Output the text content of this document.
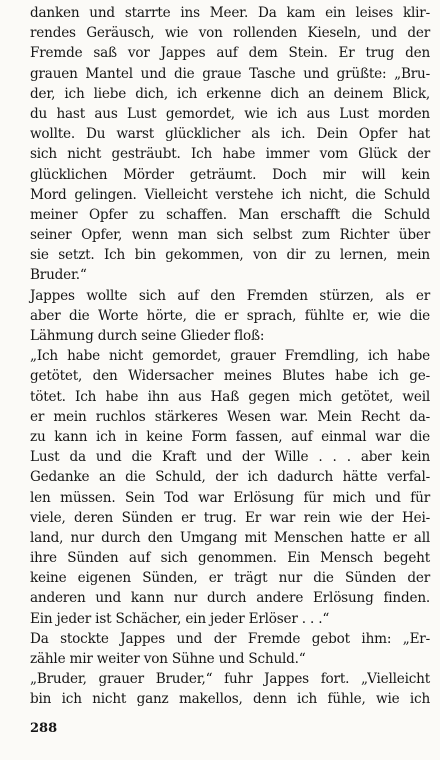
danken und starrte ins Meer. Da kam ein leises klir-
rendes Geräusch, wie von rollenden Kieseln, und der
Fremde saß vor Jappes auf dem Stein. Er trug den
grauen Mantel und die graue Tasche und grüßte: „Bru-
der, ich liebe dich, ich erkenne dich an deinem Blick,
du hast aus Lust gemordet, wie ich aus Lust morden
wollte. Du warst glücklicher als ich. Dein Opfer hat
sich nicht gesträubt. Ich habe immer vom Glück der
glücklichen Mörder geträumt. Doch mir will kein
Mord gelingen. Vielleicht verstehe ich nicht, die Schuld
meiner Opfer zu schaffen. Man erschafft die Schuld
seiner Opfer, wenn man sich selbst zum Richter über
sie setzt. Ich bin gekommen, von dir zu lernen, mein
Bruder.“
Jappes wollte sich auf den Fremden stürzen, als er
aber die Worte hörte, die er sprach, fühlte er, wie die
Lähmung durch seine Glieder floß:
„Ich habe nicht gemordet, grauer Fremdling, ich habe
getötet, den Widersacher meines Blutes habe ich ge-
tötet. Ich habe ihn aus Haß gegen mich getötet, weil
er mein ruchlos stärkeres Wesen war. Mein Recht da-
zu kann ich in keine Form fassen, auf einmal war die
Lust da und die Kraft und der Wille . . . aber kein
Gedanke an die Schuld, der ich dadurch hätte verfal-
len müssen. Sein Tod war Erlösung für mich und für
viele, deren Sünden er trug. Er war rein wie der Hei-
land, nur durch den Umgang mit Menschen hatte er all
ihre Sünden auf sich genommen. Ein Mensch begeht
keine eigenen Sünden, er trägt nur die Sünden der
anderen und kann nur durch andere Erlösung finden.
Ein jeder ist Schächer, ein jeder Erlöser . . .“
Da stockte Jappes und der Fremde gebot ihm: „Er-
zähle mir weiter von Sühne und Schuld.“
„Bruder, grauer Bruder,“ fuhr Jappes fort. „Vielleicht
bin ich nicht ganz makellos, denn ich fühle, wie ich
288
